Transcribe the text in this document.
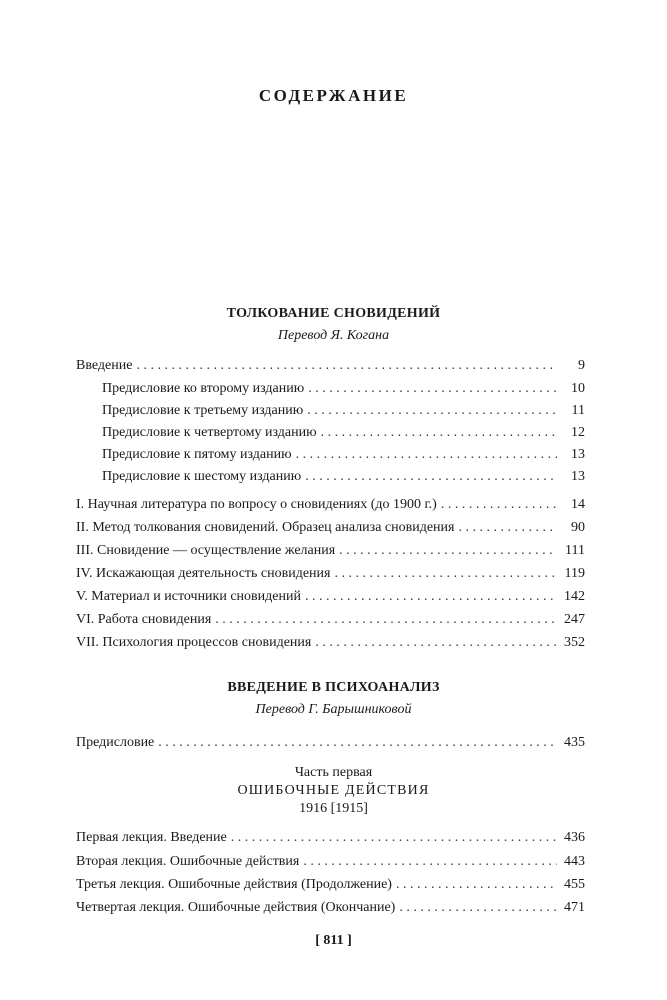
СОДЕРЖАНИЕ
ТОЛКОВАНИЕ СНОВИДЕНИЙ
Перевод Я. Когана
Введение . . .	9
Предисловие ко второму изданию . . .	10
Предисловие к третьему изданию . . .	11
Предисловие к четвертому изданию . . .	12
Предисловие к пятому изданию . . .	13
Предисловие к шестому изданию . . .	13
I. Научная литература по вопросу о сновидениях (до 1900 г.) . . .	14
II. Метод толкования сновидений. Образец анализа сновидения . . .	90
III. Сновидение — осуществление желания . . .	111
IV. Искажающая деятельность сновидения . . .	119
V. Материал и источники сновидений . . .	142
VI. Работа сновидения . . .	247
VII. Психология процессов сновидения . . .	352
ВВЕДЕНИЕ В ПСИХОАНАЛИЗ
Перевод Г. Барышниковой
Предисловие . . .	435
Часть первая
ОШИБОЧНЫЕ ДЕЙСТВИЯ
1916 [1915]
Первая лекция. Введение . . .	436
Вторая лекция. Ошибочные действия . . .	443
Третья лекция. Ошибочные действия (Продолжение) . . .	455
Четвертая лекция. Ошибочные действия (Окончание) . . .	471
[ 811 ]
